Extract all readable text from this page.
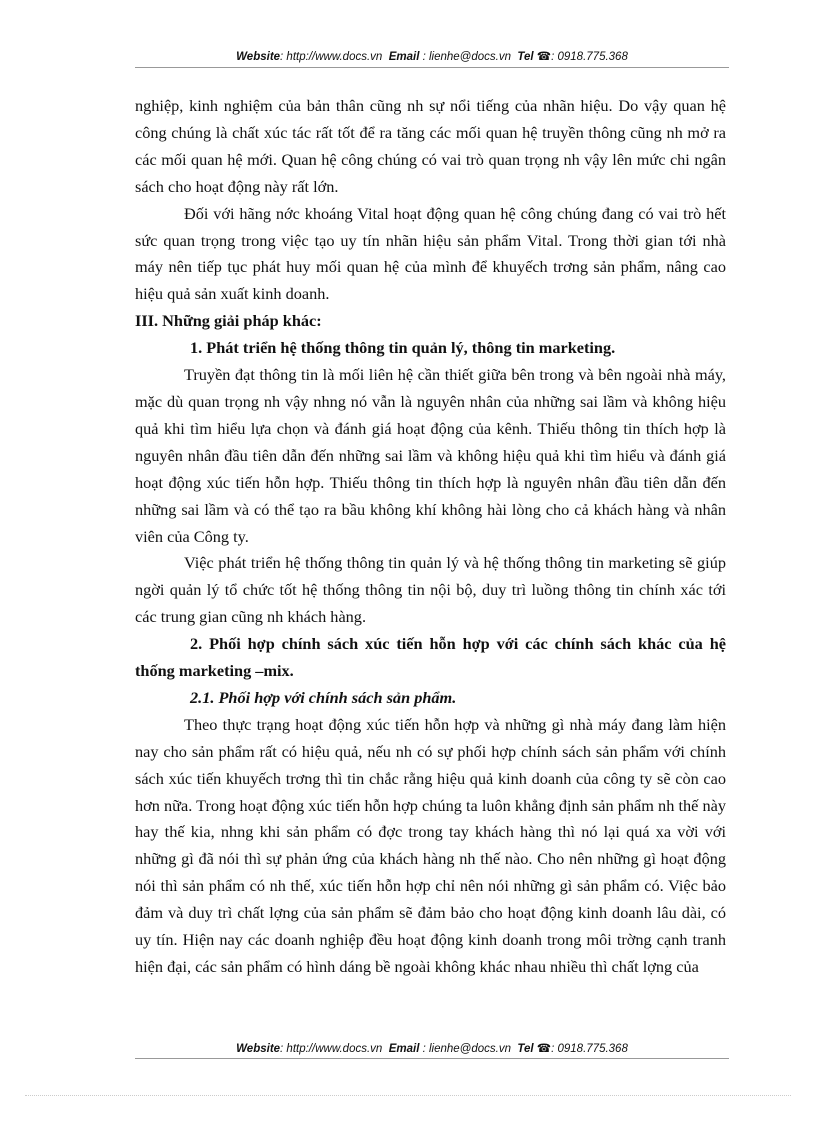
Website: http://www.docs.vn Email : lienhe@docs.vn Tel ☎: 0918.775.368

nghiệp, kinh nghiệm của bản thân cũng nh sự nổi tiếng của nhãn hiệu. Do vậy quan hệ công chúng là chất xúc tác rất tốt để ra tăng các mối quan hệ truyền thông cũng nh mở ra các mối quan hệ mới. Quan hệ công chúng có vai trò quan trọng nh vậy lên mức chi ngân sách cho hoạt động này rất lớn.

Đối với hãng nớc khoáng Vital hoạt động quan hệ công chúng đang có vai trò hết sức quan trọng trong việc tạo uy tín nhãn hiệu sản phẩm Vital. Trong thời gian tới nhà máy nên tiếp tục phát huy mối quan hệ của mình để khuyếch trơng sản phẩm, nâng cao hiệu quả sản xuất kinh doanh.

III. Những giải pháp khác:

1. Phát triển hệ thống thông tin quản lý, thông tin marketing.

Truyền đạt thông tin là mối liên hệ cần thiết giữa bên trong và bên ngoài nhà máy, mặc dù quan trọng nh vậy nhng nó vẫn là nguyên nhân của những sai lầm và không hiệu quả khi tìm hiểu lựa chọn và đánh giá hoạt động của kênh. Thiếu thông tin thích hợp là nguyên nhân đầu tiên dẫn đến những sai lầm và không hiệu quả khi tìm hiểu và đánh giá hoạt động xúc tiến hỗn hợp. Thiếu thông tin thích hợp là nguyên nhân đầu tiên dẫn đến những sai lầm và có thể tạo ra bầu không khí không hài lòng cho cả khách hàng và nhân viên của Công ty.

Việc phát triển hệ thống thông tin quản lý và hệ thống thông tin marketing sẽ giúp ngời quản lý tổ chức tốt hệ thống thông tin nội bộ, duy trì luồng thông tin chính xác tới các trung gian cũng nh khách hàng.

2. Phối hợp chính sách xúc tiến hỗn hợp với các chính sách khác của hệ thống marketing –mix.

2.1. Phối hợp với chính sách sản phẩm.

Theo thực trạng hoạt động xúc tiến hỗn hợp và những gì nhà máy đang làm hiện nay cho sản phẩm rất có hiệu quả, nếu nh có sự phối hợp chính sách sản phẩm với chính sách xúc tiến khuyếch trơng thì tin chắc rằng hiệu quả kinh doanh của công ty sẽ còn cao hơn nữa. Trong hoạt động xúc tiến hỗn hợp chúng ta luôn khẳng định sản phẩm nh thế này hay thế kia, nhng khi sản phẩm có đợc trong tay khách hàng thì nó lại quá xa vời với những gì đã nói thì sự phản ứng của khách hàng nh thế nào. Cho nên những gì hoạt động nói thì sản phẩm có nh thế, xúc tiến hỗn hợp chỉ nên nói những gì sản phẩm có. Việc bảo đảm và duy trì chất lợng của sản phẩm sẽ đảm bảo cho hoạt động kinh doanh lâu dài, có uy tín. Hiện nay các doanh nghiệp đều hoạt động kinh doanh trong môi trờng cạnh tranh hiện đại, các sản phẩm có hình dáng bề ngoài không khác nhau nhiều thì chất lợng của

Website: http://www.docs.vn Email : lienhe@docs.vn Tel ☎: 0918.775.368
